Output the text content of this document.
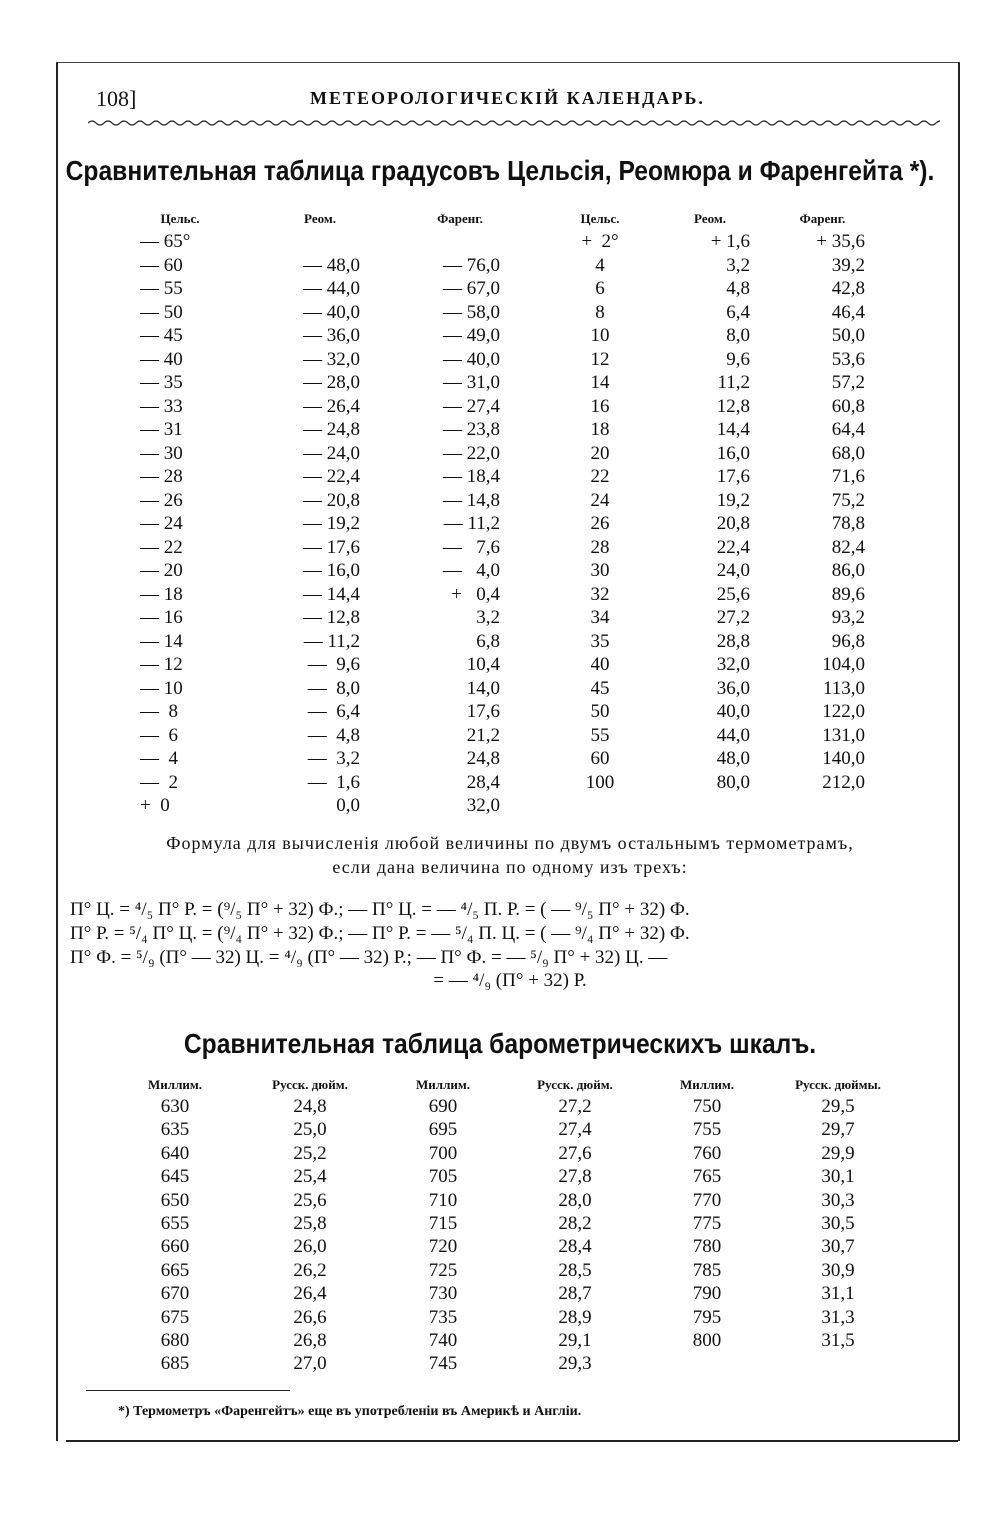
108]	МЕТЕОРОЛОГИЧЕСКІЙ КАЛЕНДАРЬ.
Сравнительная таблица градусовъ Цельсія, Реомюра и Фаренгейта *).
Цельс.
— 65°
— 60
— 55
— 50
— 45
— 40
— 35
— 33
— 31
— 30
— 28
— 26
— 24
— 22
— 20
— 18
— 16
— 14
— 12
— 10
—  8
—  6
—  4
—  2
+  0
Реом.
— 48,0
— 44,0
— 40,0
— 36,0
— 32,0
— 28,0
— 26,4
— 24,8
— 24,0
— 22,4
— 20,8
— 19,2
— 17,6
— 16,0
— 14,4
— 12,8
— 11,2
—  9,6
—  8,0
—  6,4
—  4,8
—  3,2
—  1,6
0,0
Фаренг.
— 76,0
— 67,0
— 58,0
— 49,0
— 40,0
— 31,0
— 27,4
— 23,8
— 22,0
— 18,4
— 14,8
— 11,2
—   7,6
—   4,0
+   0,4
3,2
6,8
10,4
14,0
17,6
21,2
24,8
28,4
32,0
Цельс.
+  2°
4
6
8
10
12
14
16
18
20
22
24
26
28
30
32
34
35
40
45
50
55
60
100
Реом.
+ 1,6
3,2
4,8
6,4
8,0
9,6
11,2
12,8
14,4
16,0
17,6
19,2
20,8
22,4
24,0
25,6
27,2
28,8
32,0
36,0
40,0
44,0
48,0
80,0
Фаренг.
+ 35,6
39,2
42,8
46,4
50,0
53,6
57,2
60,8
64,4
68,0
71,6
75,2
78,8
82,4
86,0
89,6
93,2
96,8
104,0
113,0
122,0
131,0
140,0
212,0
Формула для вычисленія любой величины по двумъ остальнымъ термометрамъ,
если дана величина по одному изъ трехъ:
П° Ц. = ⁴/₅ П° Р. = (⁹/₅ П° + 32) Ф.; — П° Ц. = — ⁴/₅ П. Р. = ( — ⁹/₅ П° + 32) Ф.
П° Р. = ⁵/₄ П° Ц. = (⁹/₄ П° + 32) Ф.; — П° Р. = — ⁵/₄ П. Ц. = ( — ⁹/₄ П° + 32) Ф.
П° Ф. = ⁵/₉ (П° — 32) Ц. = ⁴/₉ (П° — 32) Р.; — П° Ф. = — ⁵/₉ П° + 32) Ц. —
= — ⁴/₉ (П° + 32) Р.
Сравнительная таблица барометрическихъ шкалъ.
Миллим.
630
635
640
645
650
655
660
665
670
675
680
685
Русск. дюйм.
24,8
25,0
25,2
25,4
25,6
25,8
26,0
26,2
26,4
26,6
26,8
27,0
Миллим.
690
695
700
705
710
715
720
725
730
735
740
745
Русск. дюйм.
27,2
27,4
27,6
27,8
28,0
28,2
28,4
28,5
28,7
28,9
29,1
29,3
Миллим.
750
755
760
765
770
775
780
785
790
795
800
Русск. дюймы.
29,5
29,7
29,9
30,1
30,3
30,5
30,7
30,9
31,1
31,3
31,5
*) Термометръ «Фаренгейтъ» еще въ употребленіи въ Америкѣ и Англіи.
